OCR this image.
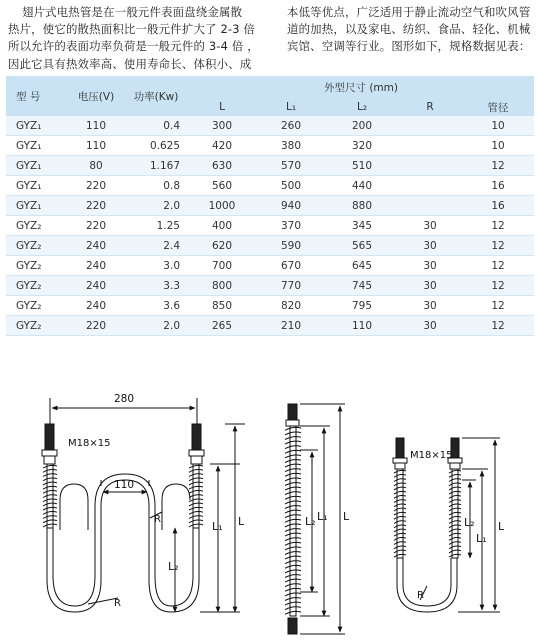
翅片式电热管是在一般元件表面盘绕金属散

热片，使它的散热面积比一般元件扩大了 2-3 倍

所以允许的表面功率负荷是一般元件的 3-4 倍 ，

因此它具有热效率高、使用寿命长、体积小、成

本低等优点，广泛适用于静止流动空气和吹风管

道的加热，以及家电、纺织、食品、轻化、机械

宾馆、空调等行业。图形如下，规格数据见表：

型 号	电压(V)	功率(Kw)	外型尺寸 (mm)				
			L	L₁	L₂	R	管径
GYZ₁	110	0.4	300	260	200		10
GYZ₁	110	0.625	420	380	320		10
GYZ₁	80	1.167	630	570	510		12
GYZ₁	220	0.8	560	500	440		16
GYZ₁	220	2.0	1000	940	880		16
GYZ₂	220	1.25	400	370	345	30	12
GYZ₂	240	2.4	620	590	565	30	12
GYZ₂	240	3.0	700	670	645	30	12
GYZ₂	240	3.3	800	770	745	30	12
GYZ₂	240	3.6	850	820	795	30	12
GYZ₂	220	2.0	265	210	110	30	12
280
110
M18×15
R
R	L
L₁
L₂
L₂ L₁ L
M18×15
R
L₂
L₁
L
